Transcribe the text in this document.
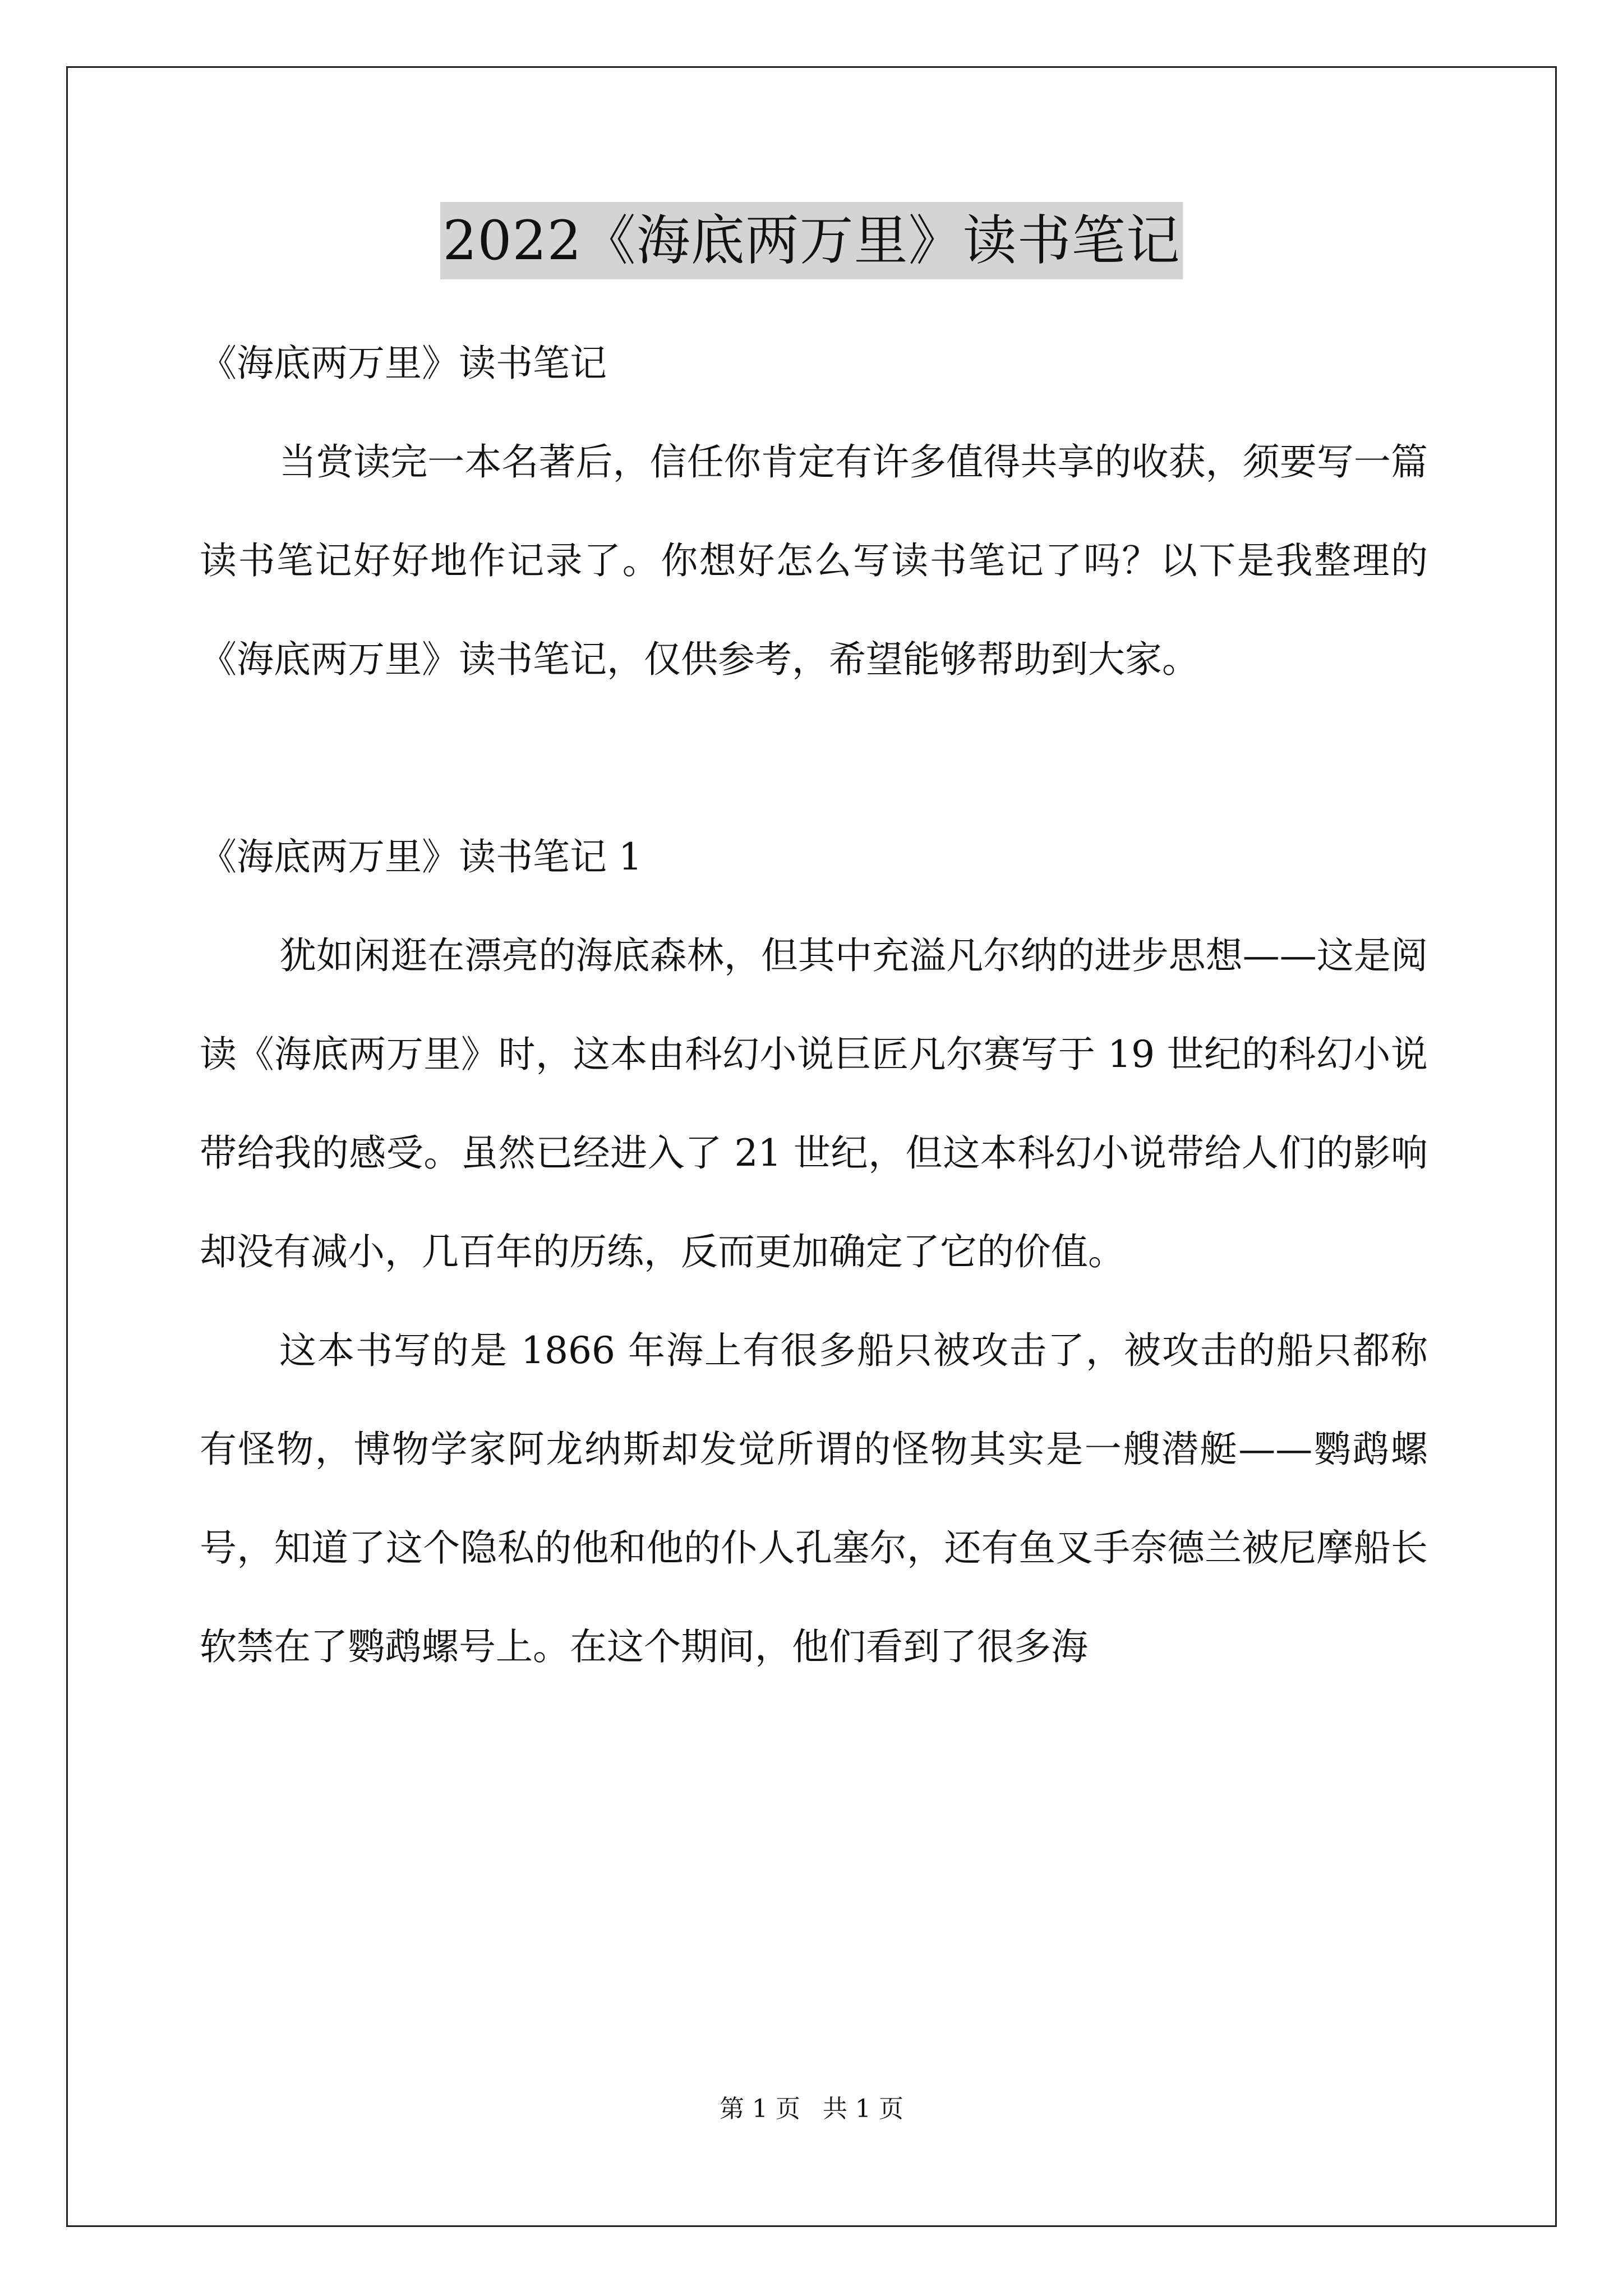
2022《海底两万里》读书笔记

《海底两万里》读书笔记

当赏读完一本名著后，信任你肯定有许多值得共享的收获，须要写一篇读书笔记好好地作记录了。你想好怎么写读书笔记了吗？以下是我整理的《海底两万里》读书笔记，仅供参考，希望能够帮助到大家。

《海底两万里》读书笔记 1

犹如闲逛在漂亮的海底森林，但其中充溢凡尔纳的进步思想——这是阅读《海底两万里》时，这本由科幻小说巨匠凡尔赛写于 19 世纪的科幻小说带给我的感受。虽然已经进入了 21 世纪，但这本科幻小说带给人们的影响却没有减小，几百年的历练，反而更加确定了它的价值。

这本书写的是 1866 年海上有很多船只被攻击了，被攻击的船只都称有怪物，博物学家阿龙纳斯却发觉所谓的怪物其实是一艘潜艇——鹦鹉螺号，知道了这个隐私的他和他的仆人孔塞尔，还有鱼叉手奈德兰被尼摩船长软禁在了鹦鹉螺号上。在这个期间，他们看到了很多海

第 1 页 共 1 页
